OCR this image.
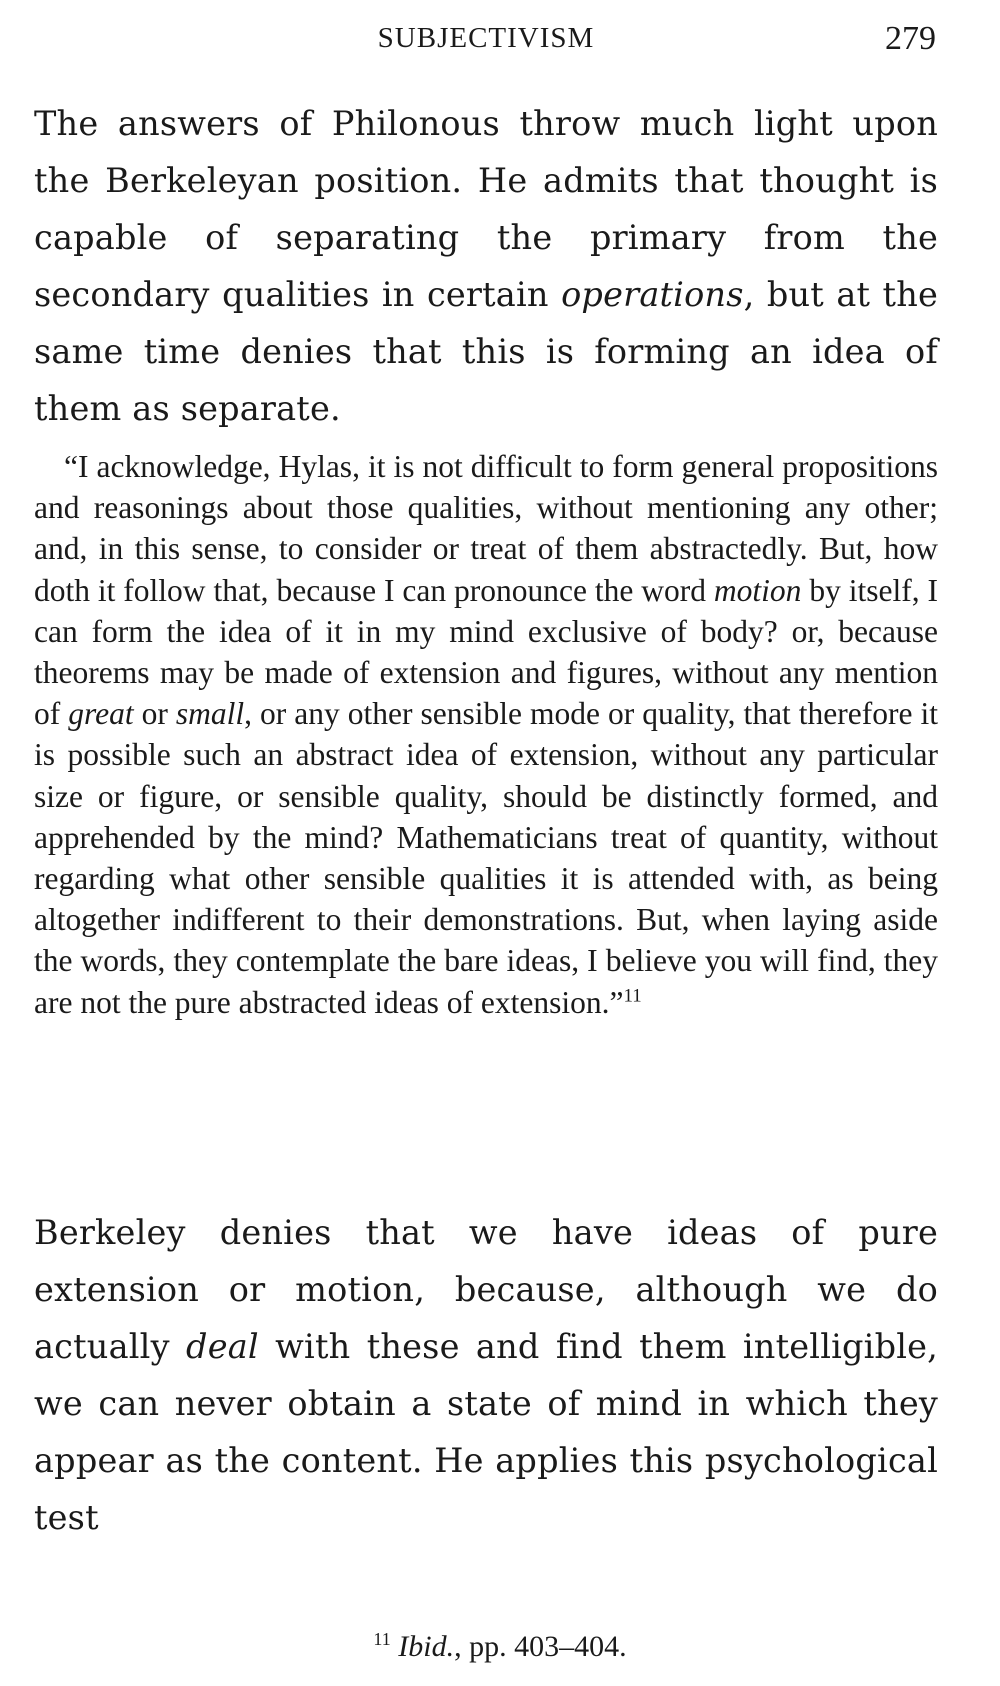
SUBJECTIVISM	279

The answers of Philonous throw much light upon the Berkeleyan position. He admits that thought is capable of separating the primary from the secondary qualities in certain operations, but at the same time denies that this is forming an idea of them as separate.

“I acknowledge, Hylas, it is not difficult to form general propositions and reasonings about those qualities, without mentioning any other; and, in this sense, to consider or treat of them abstractedly. But, how doth it follow that, because I can pronounce the word motion by itself, I can form the idea of it in my mind exclusive of body? or, because theorems may be made of extension and figures, without any mention of great or small, or any other sensible mode or quality, that therefore it is possible such an abstract idea of extension, without any particular size or figure, or sensible quality, should be distinctly formed, and apprehended by the mind? Mathematicians treat of quantity, without regarding what other sensible qualities it is attended with, as being altogether indifferent to their demonstrations. But, when laying aside the words, they contemplate the bare ideas, I believe you will find, they are not the pure abstracted ideas of extension.”$^{11}$

Berkeley denies that we have ideas of pure extension or motion, because, although we do actually deal with these and find them intelligible, we can never obtain a state of mind in which they appear as the content. He applies this psychological test

$^{11}$ Ibid., pp. 403–404.
